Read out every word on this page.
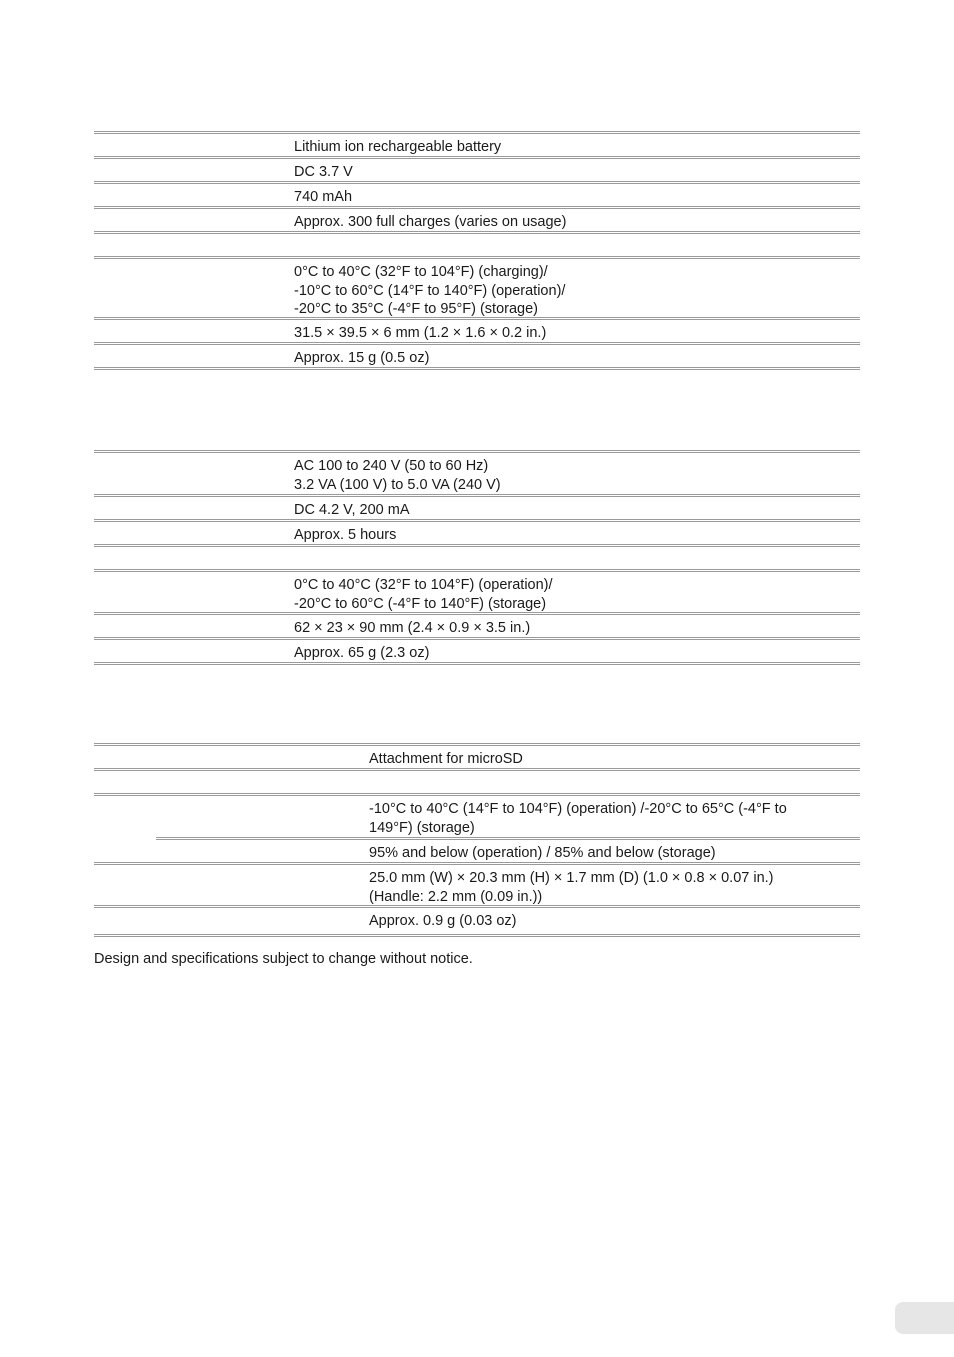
Lithium ion rechargeable battery
DC 3.7 V
740 mAh
Approx. 300 full charges (varies on usage)
0°C to 40°C (32°F to 104°F) (charging)/
-10°C to 60°C (14°F to 140°F) (operation)/
-20°C to 35°C (-4°F to 95°F) (storage)
31.5 × 39.5 × 6 mm (1.2 × 1.6 × 0.2 in.)
Approx. 15 g (0.5 oz)
AC 100 to 240 V (50 to 60 Hz)
3.2 VA (100 V) to 5.0 VA (240 V)
DC 4.2 V, 200 mA
Approx. 5 hours
0°C to 40°C (32°F to 104°F) (operation)/
-20°C to 60°C (-4°F to 140°F) (storage)
62 × 23 × 90 mm (2.4 × 0.9 × 3.5 in.)
Approx. 65 g (2.3 oz)
Attachment for microSD
-10°C to 40°C (14°F to 104°F) (operation) /-20°C to 65°C (-4°F to
149°F) (storage)
95% and below (operation) / 85% and below (storage)
25.0 mm (W) × 20.3 mm (H) × 1.7 mm (D) (1.0 × 0.8 × 0.07 in.)
(Handle: 2.2 mm (0.09 in.))
Approx. 0.9 g (0.03 oz)
Design and specifications subject to change without notice.
